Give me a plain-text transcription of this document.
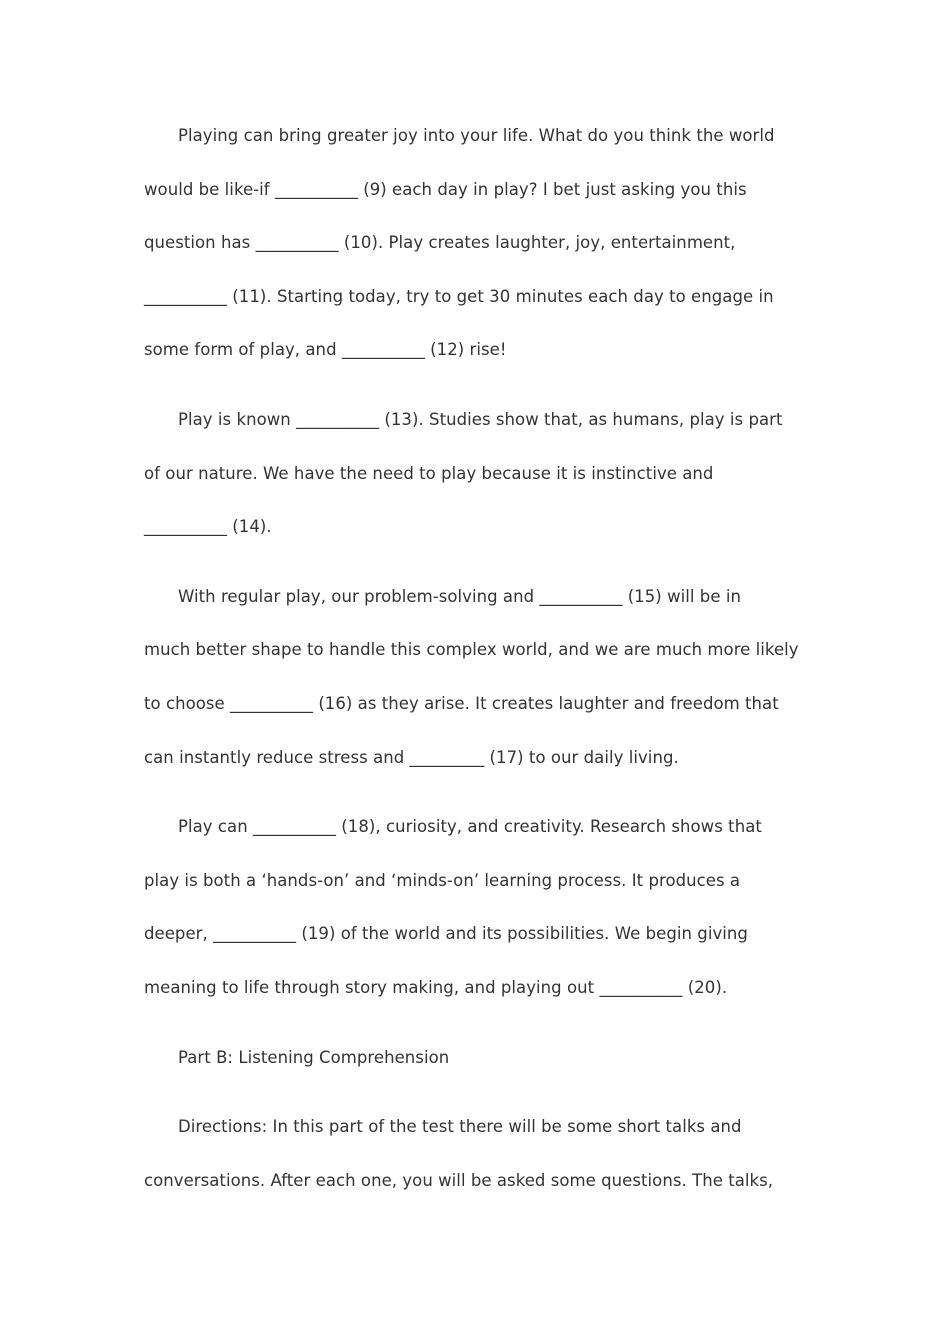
Playing can bring greater joy into your life. What do you think the world
would be like-if __________ (9) each day in play? I bet just asking you this
question has __________ (10). Play creates laughter, joy, entertainment,
__________ (11). Starting today, try to get 30 minutes each day to engage in
some form of play, and __________ (12) rise!
Play is known __________ (13). Studies show that, as humans, play is part
of our nature. We have the need to play because it is instinctive and
__________ (14).
With regular play, our problem-solving and __________ (15) will be in
much better shape to handle this complex world, and we are much more likely
to choose __________ (16) as they arise. It creates laughter and freedom that
can instantly reduce stress and _________ (17) to our daily living.
Play can __________ (18), curiosity, and creativity. Research shows that
play is both a ‘hands-on’ and ‘minds-on’ learning process. It produces a
deeper, __________ (19) of the world and its possibilities. We begin giving
meaning to life through story making, and playing out __________ (20).
Part B: Listening Comprehension
Directions: In this part of the test there will be some short talks and
conversations. After each one, you will be asked some questions. The talks,
